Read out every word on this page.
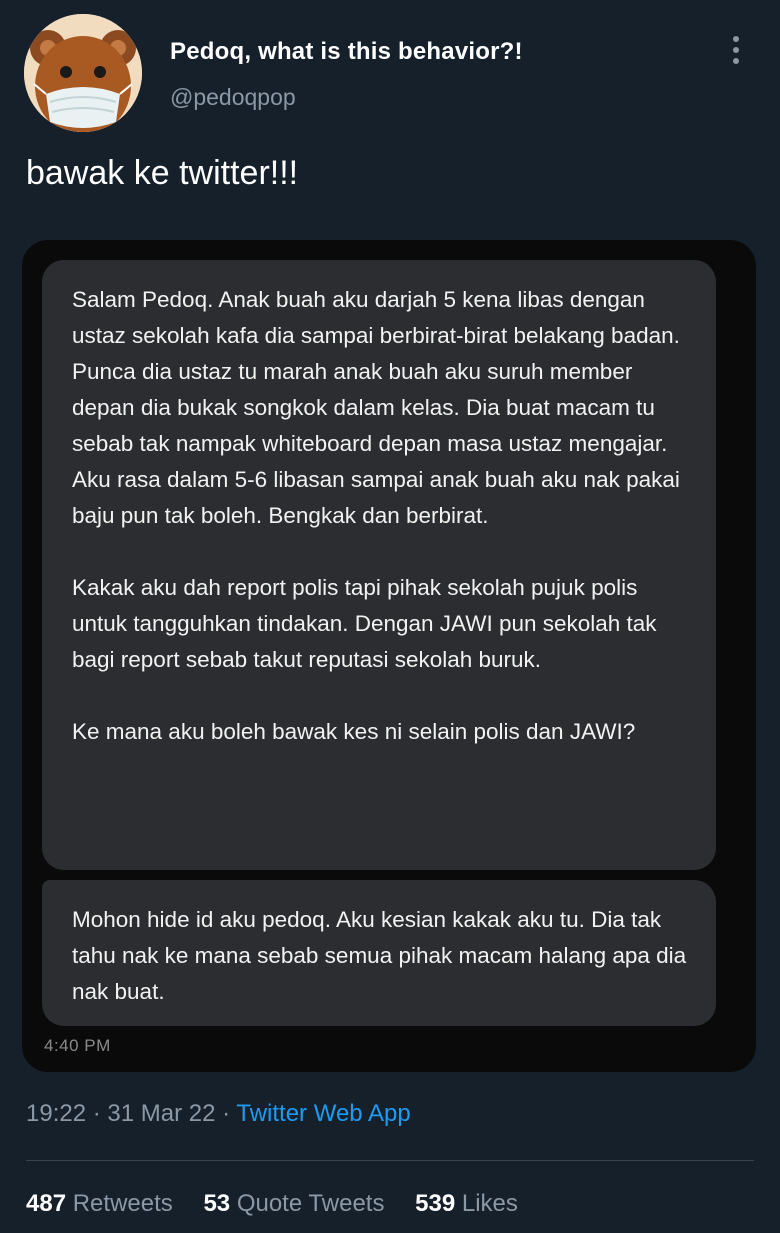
Pedoq, what is this behavior?!
@pedoqpop
bawak ke twitter!!!

Salam Pedoq. Anak buah aku darjah 5 kena libas dengan ustaz sekolah kafa dia sampai berbirat-birat belakang badan. Punca dia ustaz tu marah anak buah aku suruh member depan dia bukak songkok dalam kelas. Dia buat macam tu sebab tak nampak whiteboard depan masa ustaz mengajar. Aku rasa dalam 5-6 libasan sampai anak buah aku nak pakai baju pun tak boleh. Bengkak dan berbirat.

Kakak aku dah report polis tapi pihak sekolah pujuk polis untuk tangguhkan tindakan. Dengan JAWI pun sekolah tak bagi report sebab takut reputasi sekolah buruk.

Ke mana aku boleh bawak kes ni selain polis dan JAWI?

Mohon hide id aku pedoq. Aku kesian kakak aku tu. Dia tak tahu nak ke mana sebab semua pihak macam halang apa dia nak buat.

4:40 PM
19:22 · 31 Mar 22 · Twitter Web App
487 Retweets 53 Quote Tweets 539 Likes
